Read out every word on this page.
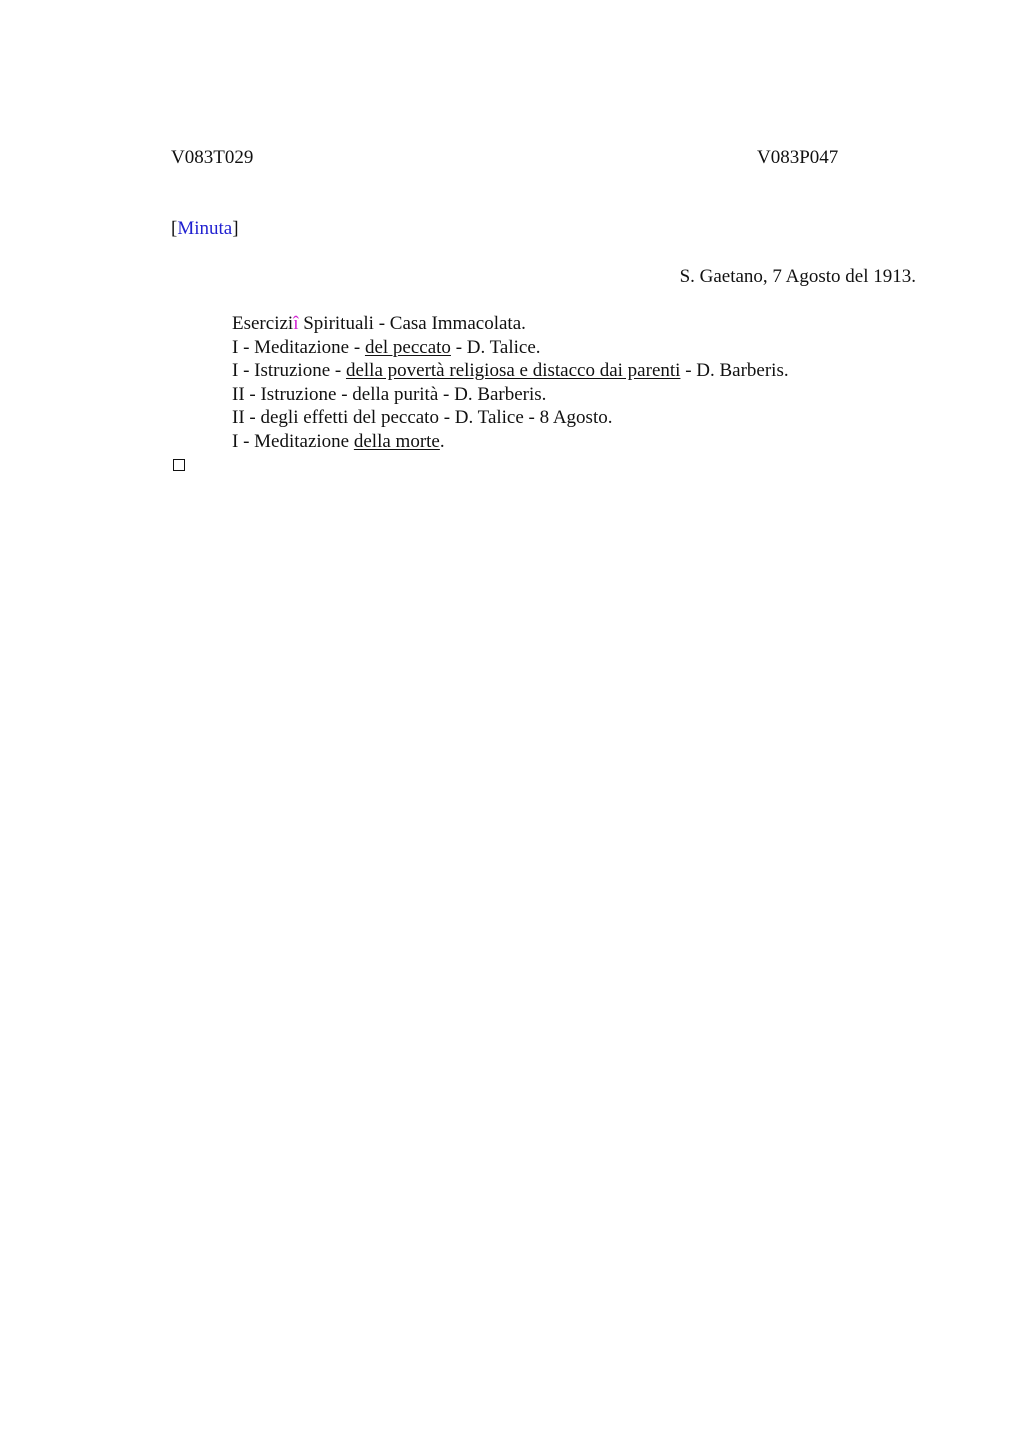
V083T029	V083P047
[Minuta]
S. Gaetano, 7 Agosto del 1913.
Eserciziî Spirituali - Casa Immacolata.
I - Meditazione - del peccato - D. Talice.
I - Istruzione - della povertà religiosa e distacco dai parenti - D. Barberis.
II - Istruzione - della purità - D. Barberis.
II - degli effetti del peccato - D. Talice - 8 Agosto.
I - Meditazione della morte.
